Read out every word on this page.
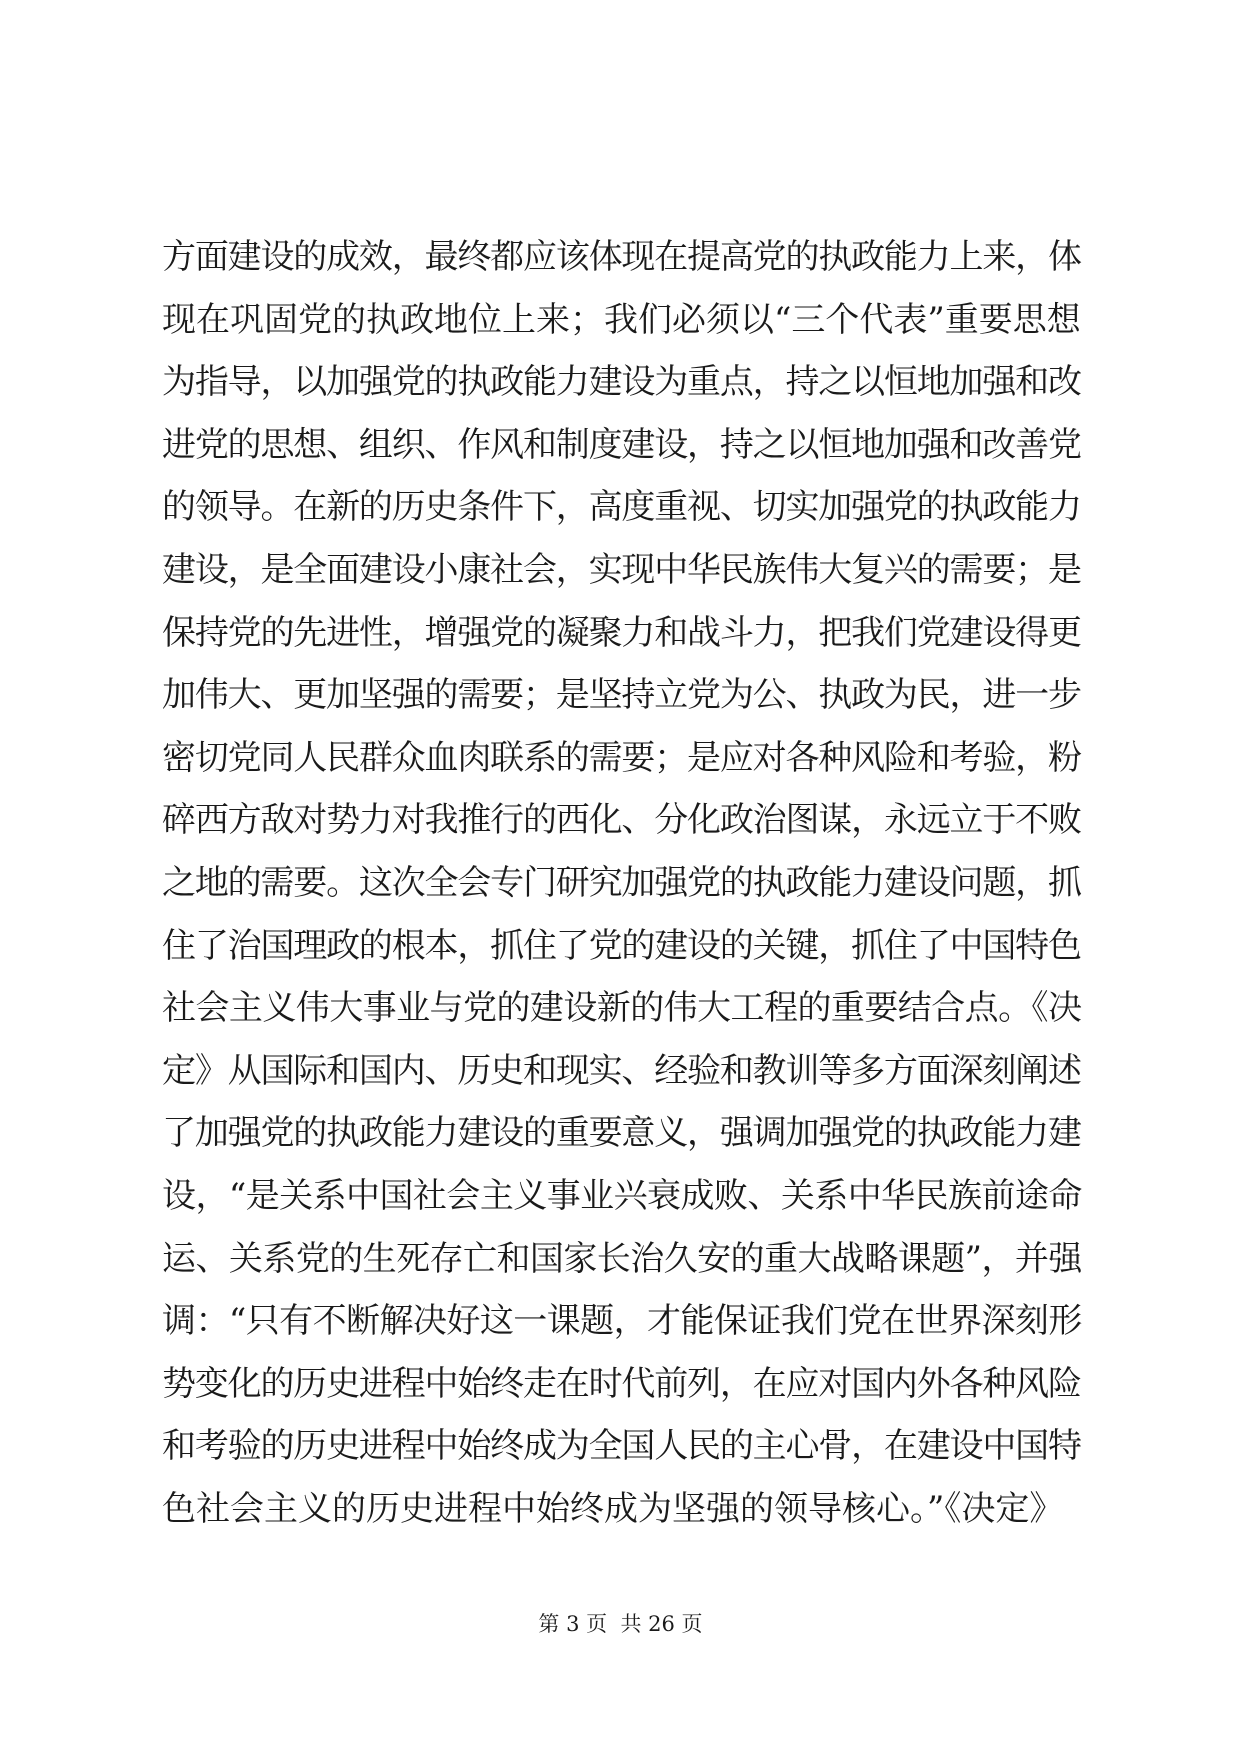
方面建设的成效，最终都应该体现在提高党的执政能力上来，体
现在巩固党的执政地位上来；我们必须以“三个代表”重要思想
为指导，以加强党的执政能力建设为重点，持之以恒地加强和改
进党的思想、组织、作风和制度建设，持之以恒地加强和改善党
的领导。在新的历史条件下，高度重视、切实加强党的执政能力
建设，是全面建设小康社会，实现中华民族伟大复兴的需要；是
保持党的先进性，增强党的凝聚力和战斗力，把我们党建设得更
加伟大、更加坚强的需要；是坚持立党为公、执政为民，进一步
密切党同人民群众血肉联系的需要；是应对各种风险和考验，粉
碎西方敌对势力对我推行的西化、分化政治图谋，永远立于不败
之地的需要。这次全会专门研究加强党的执政能力建设问题，抓
住了治国理政的根本，抓住了党的建设的关键，抓住了中国特色
社会主义伟大事业与党的建设新的伟大工程的重要结合点。《决
定》从国际和国内、历史和现实、经验和教训等多方面深刻阐述
了加强党的执政能力建设的重要意义，强调加强党的执政能力建
设，“是关系中国社会主义事业兴衰成败、关系中华民族前途命
运、关系党的生死存亡和国家长治久安的重大战略课题”，并强
调：“只有不断解决好这一课题，才能保证我们党在世界深刻形
势变化的历史进程中始终走在时代前列，在应对国内外各种风险
和考验的历史进程中始终成为全国人民的主心骨，在建设中国特
色社会主义的历史进程中始终成为坚强的领导核心。”《决定》
第 3 页  共 26 页
